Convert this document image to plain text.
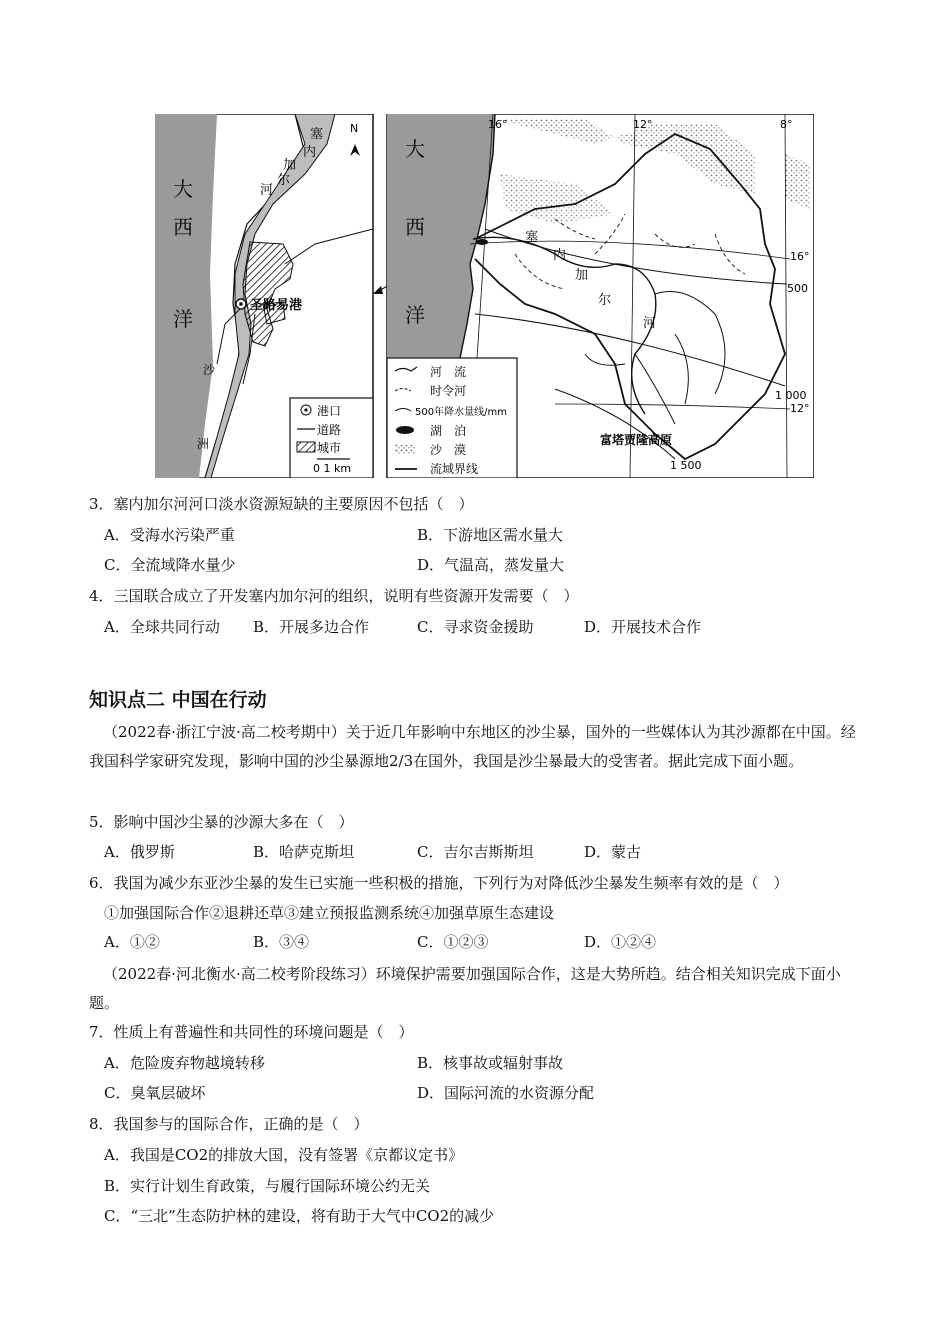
N
大
西
洋
塞
内
加
尔
河
沙
洲
圣路易港
港口
道路
城市
0 1 km
大
西
洋
塞
内
加
尔
河
16°	12°	8°
16°
12°
500
1 000
1 500
富塔贾隆高原
河　流
时令河
500年降水量线/mm
湖　泊
沙　漠
流域界线
3．塞内加尔河河口淡水资源短缺的主要原因不包括（　）
A．受海水污染严重	B．下游地区需水量大
C．全流域降水量少	D．气温高，蒸发量大
4．三国联合成立了开发塞内加尔河的组织，说明有些资源开发需要（　）
A．全球共同行动 B．开展多边合作	C．寻求资金援助	D．开展技术合作
知识点二 中国在行动
（2022春·浙江宁波·高二校考期中）关于近几年影响中东地区的沙尘暴，国外的一些媒体认为其沙源都在中国。经我国科学家研究发现，影响中国的沙尘暴源地2/3在国外，我国是沙尘暴最大的受害者。据此完成下面小题。
5．影响中国沙尘暴的沙源大多在（　）
A．俄罗斯	B．哈萨克斯坦	C．吉尔吉斯斯坦	D．蒙古
6．我国为减少东亚沙尘暴的发生已实施一些积极的措施，下列行为对降低沙尘暴发生频率有效的是（　）
①加强国际合作②退耕还草③建立预报监测系统④加强草原生态建设
A．①②	B．③④	C．①②③	D．①②④
（2022春·河北衡水·高二校考阶段练习）环境保护需要加强国际合作，这是大势所趋。结合相关知识完成下面小题。
7．性质上有普遍性和共同性的环境问题是（　）
A．危险废弃物越境转移	B．核事故或辐射事故
C．臭氧层破坏	D．国际河流的水资源分配
8．我国参与的国际合作，正确的是（　）
A．我国是CO2的排放大国，没有签署《京都议定书》
B．实行计划生育政策，与履行国际环境公约无关
C．“三北”生态防护林的建设，将有助于大气中CO2的减少
